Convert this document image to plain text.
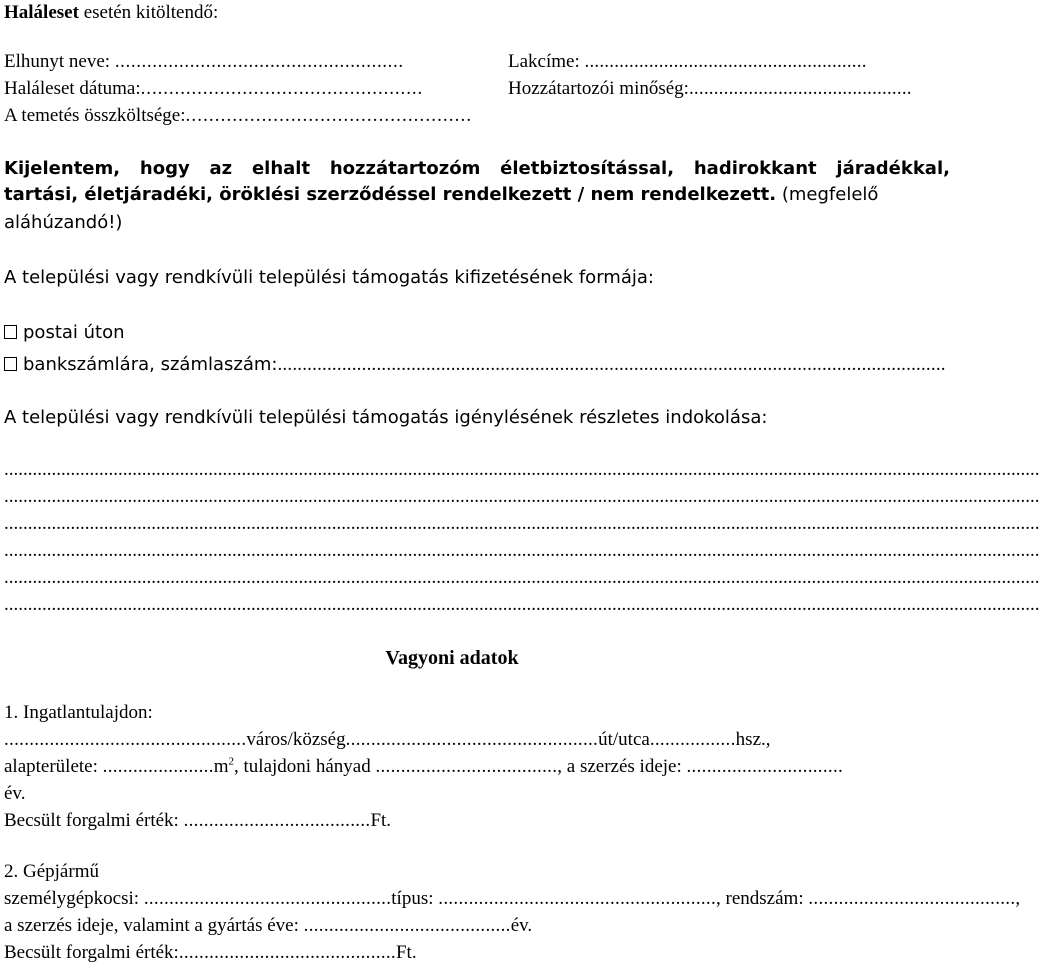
Haláleset esetén kitöltendő:
Elhunyt neve: ......................................................	Lakcíme: .........................................................
Haláleset dátuma:..................................................	Hozzátartozói minőség:.............................................
A temetés összköltsége:.................................................
Kijelentem, hogy az elhalt hozzátartozóm életbiztosítással, hadirokkant járadékkal,
tartási, életjáradéki, öröklési szerződéssel rendelkezett / nem rendelkezett. (megfelelő
aláhúzandó!)
A települési vagy rendkívüli települési támogatás kifizetésének formája:
postai úton
bankszámlára, számlaszám:.......................................................................................................................................
A települési vagy rendkívüli települési támogatás igénylésének részletes indokolása:
..........................................................................................................................................................................................................................
..........................................................................................................................................................................................................................
..........................................................................................................................................................................................................................
..........................................................................................................................................................................................................................
..........................................................................................................................................................................................................................
..........................................................................................................................................................................................................................
Vagyoni adatok
1. Ingatlantulajdon:
................................................város/község..................................................út/utca.................hsz.,
alapterülete: $......................m^2$, tulajdoni hányad ...................................., a szerzés ideje: ...............................
év.
Becsült forgalmi érték: .....................................Ft.
2. Gépjármű
személygépkocsi: .................................................típus: ......................................................., rendszám: .........................................,
a szerzés ideje, valamint a gyártás éve: .........................................év.
Becsült forgalmi érték:...........................................Ft.
